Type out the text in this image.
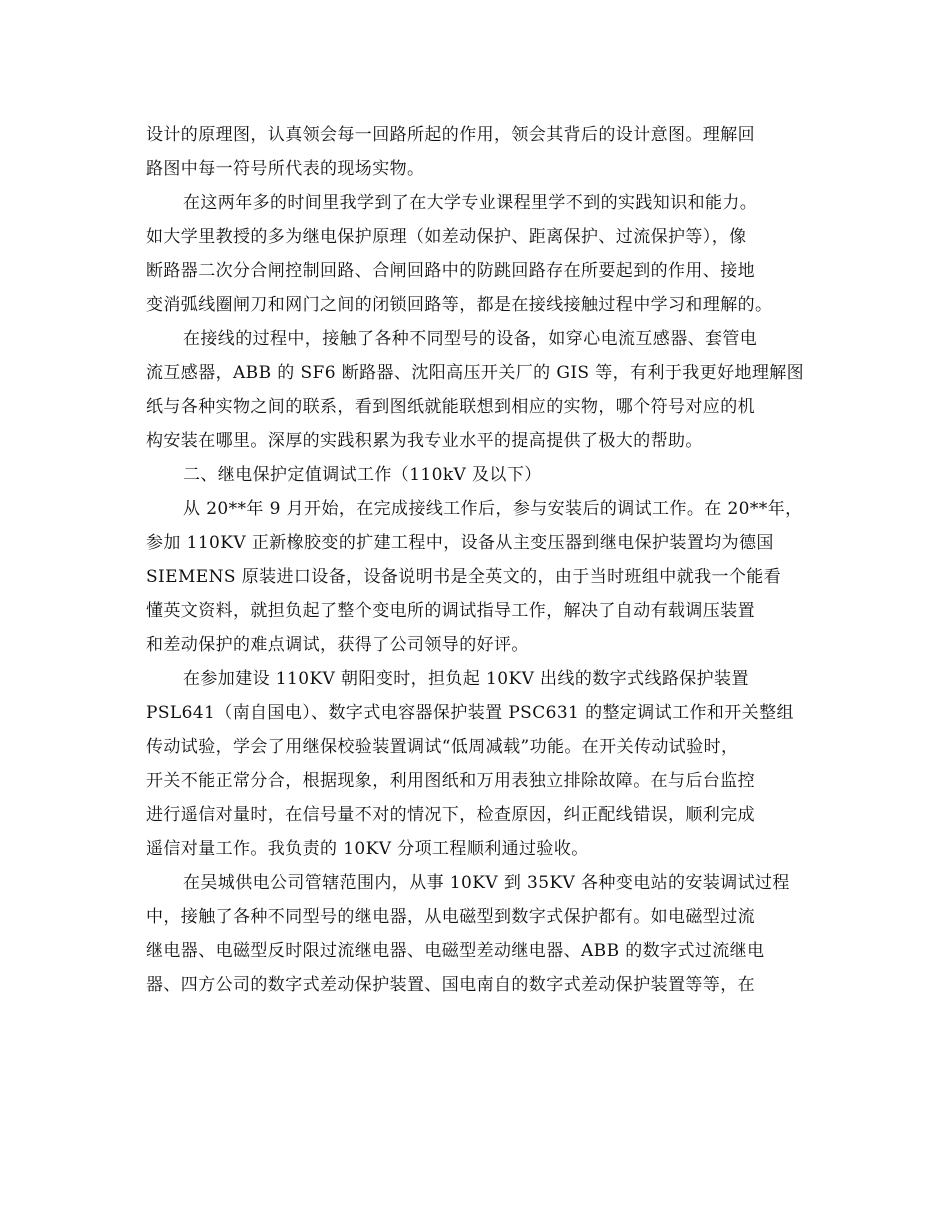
设计的原理图，认真领会每一回路所起的作用，领会其背后的设计意图。理解回
路图中每一符号所代表的现场实物。
在这两年多的时间里我学到了在大学专业课程里学不到的实践知识和能力。
如大学里教授的多为继电保护原理（如差动保护、距离保护、过流保护等），像
断路器二次分合闸控制回路、合闸回路中的防跳回路存在所要起到的作用、接地
变消弧线圈闸刀和网门之间的闭锁回路等，都是在接线接触过程中学习和理解的。
在接线的过程中，接触了各种不同型号的设备，如穿心电流互感器、套管电
流互感器，ABB 的 SF6 断路器、沈阳高压开关厂的 GIS 等，有利于我更好地理解图
纸与各种实物之间的联系，看到图纸就能联想到相应的实物，哪个符号对应的机
构安装在哪里。深厚的实践积累为我专业水平的提高提供了极大的帮助。
二、继电保护定值调试工作（110kV 及以下）
从 20**年 9 月开始，在完成接线工作后，参与安装后的调试工作。在 20**年，
参加 110KV 正新橡胶变的扩建工程中，设备从主变压器到继电保护装置均为德国
SIEMENS 原装进口设备，设备说明书是全英文的，由于当时班组中就我一个能看
懂英文资料，就担负起了整个变电所的调试指导工作，解决了自动有载调压装置
和差动保护的难点调试，获得了公司领导的好评。
在参加建设 110KV 朝阳变时，担负起 10KV 出线的数字式线路保护装置
PSL641（南自国电）、数字式电容器保护装置 PSC631 的整定调试工作和开关整组
传动试验，学会了用继保校验装置调试“低周减载”功能。在开关传动试验时，
开关不能正常分合，根据现象，利用图纸和万用表独立排除故障。在与后台监控
进行遥信对量时，在信号量不对的情况下，检查原因，纠正配线错误，顺利完成
遥信对量工作。我负责的 10KV 分项工程顺利通过验收。
在吴城供电公司管辖范围内，从事 10KV 到 35KV 各种变电站的安装调试过程
中，接触了各种不同型号的继电器，从电磁型到数字式保护都有。如电磁型过流
继电器、电磁型反时限过流继电器、电磁型差动继电器、ABB 的数字式过流继电
器、四方公司的数字式差动保护装置、国电南自的数字式差动保护装置等等，在
